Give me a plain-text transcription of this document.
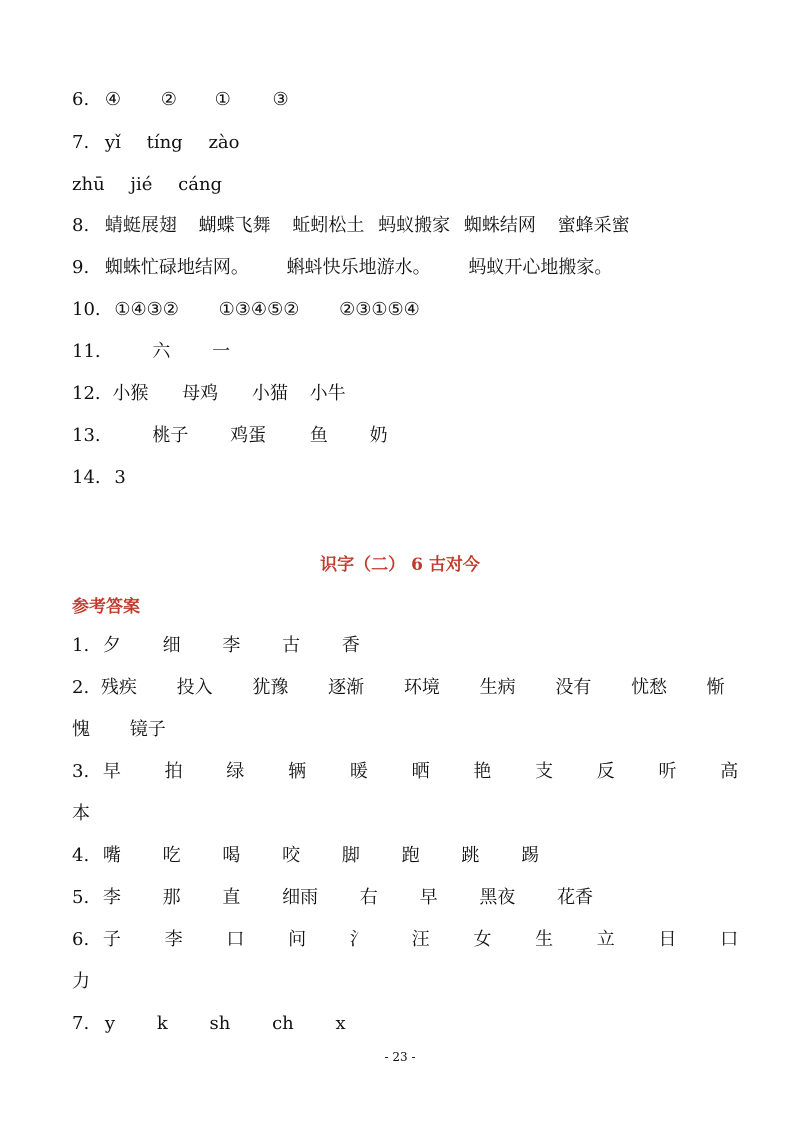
6. ④ ② ① ③
7. yǐ tíng zào
zhū jié cáng
8. 蜻蜓展翅 蝴蝶飞舞 蚯蚓松土 蚂蚁搬家 蜘蛛结网 蜜蜂采蜜
9. 蜘蛛忙碌地结网。 蝌蚪快乐地游水。 蚂蚁开心地搬家。
10. ①④③② ①③④⑤② ②③①⑤④
11.	六 一
12. 小猴 母鸡 小猫 小牛
13.	桃子 鸡蛋 鱼 奶
14. 3
识字（二） 6 古对今
参考答案
1. 夕 细 李 古 香
2. 残疾 投入 犹豫 逐渐 环境 生病 没有 忧愁 惭
愧 镜子
3. 早 拍 绿 辆 暖 晒 艳 支 反 听 高
本
4. 嘴 吃 喝 咬 脚 跑 跳 踢
5. 李 那 直 细雨 右 早 黑夜 花香
6. 子 李 口 问 氵 汪 女 生 立 日 口
力
7. y k sh ch x
- 23 -
